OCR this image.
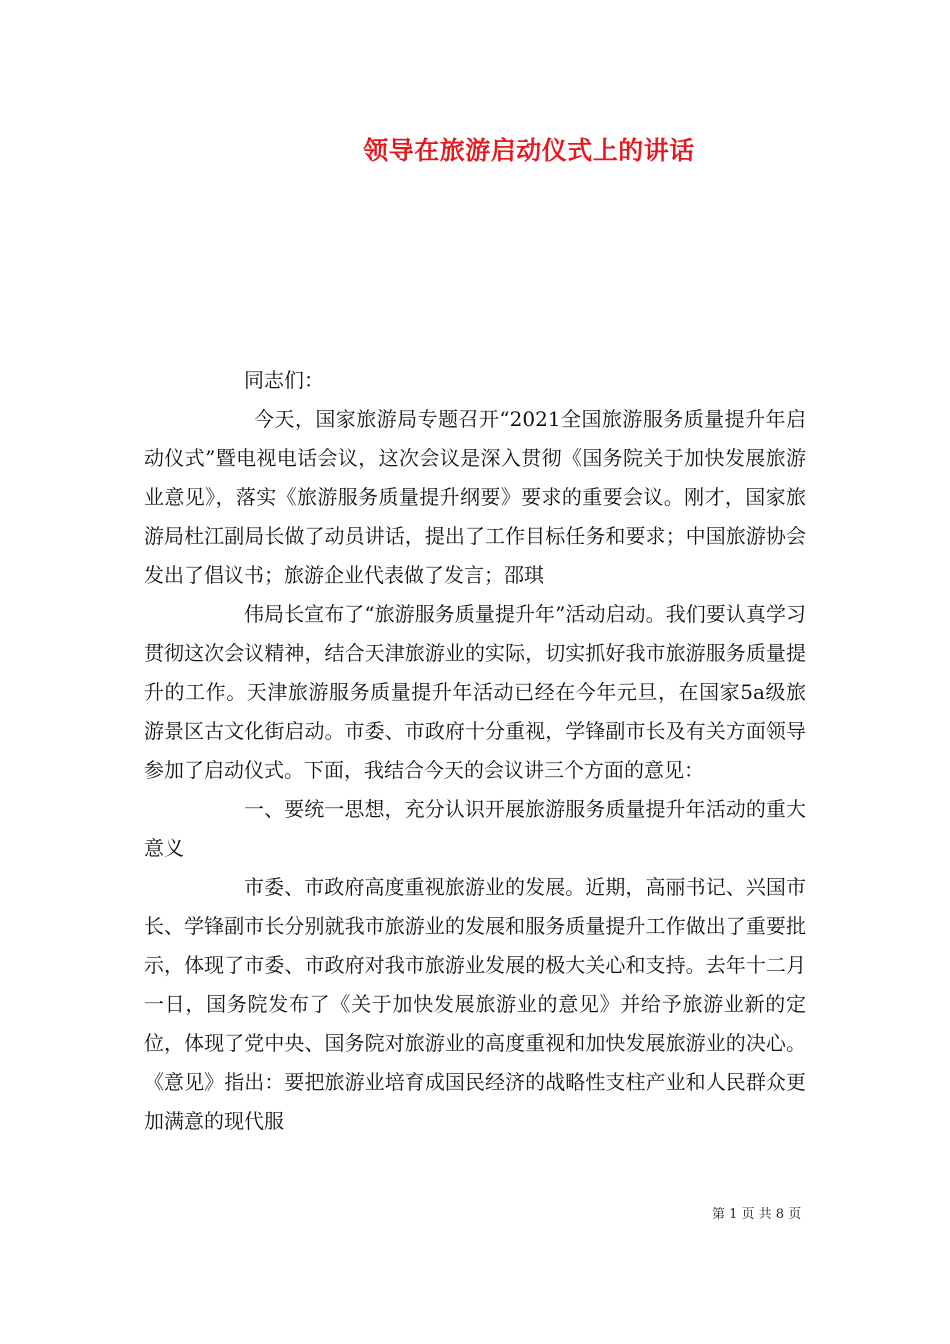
领导在旅游启动仪式上的讲话

同志们：

今天，国家旅游局专题召开“2021全国旅游服务质量提升年启动仪式”暨电视电话会议，这次会议是深入贯彻《国务院关于加快发展旅游业意见》，落实《旅游服务质量提升纲要》要求的重要会议。刚才，国家旅游局杜江副局长做了动员讲话，提出了工作目标任务和要求；中国旅游协会发出了倡议书；旅游企业代表做了发言；邵琪

伟局长宣布了“旅游服务质量提升年”活动启动。我们要认真学习贯彻这次会议精神，结合天津旅游业的实际，切实抓好我市旅游服务质量提升的工作。天津旅游服务质量提升年活动已经在今年元旦，在国家5a级旅游景区古文化街启动。市委、市政府十分重视，学锋副市长及有关方面领导参加了启动仪式。下面，我结合今天的会议讲三个方面的意见：

一、要统一思想，充分认识开展旅游服务质量提升年活动的重大意义

市委、市政府高度重视旅游业的发展。近期，高丽书记、兴国市长、学锋副市长分别就我市旅游业的发展和服务质量提升工作做出了重要批示，体现了市委、市政府对我市旅游业发展的极大关心和支持。去年十二月一日，国务院发布了《关于加快发展旅游业的意见》并给予旅游业新的定位，体现了党中央、国务院对旅游业的高度重视和加快发展旅游业的决心。《意见》指出：要把旅游业培育成国民经济的战略性支柱产业和人民群众更加满意的现代服

第 1 页 共 8 页
